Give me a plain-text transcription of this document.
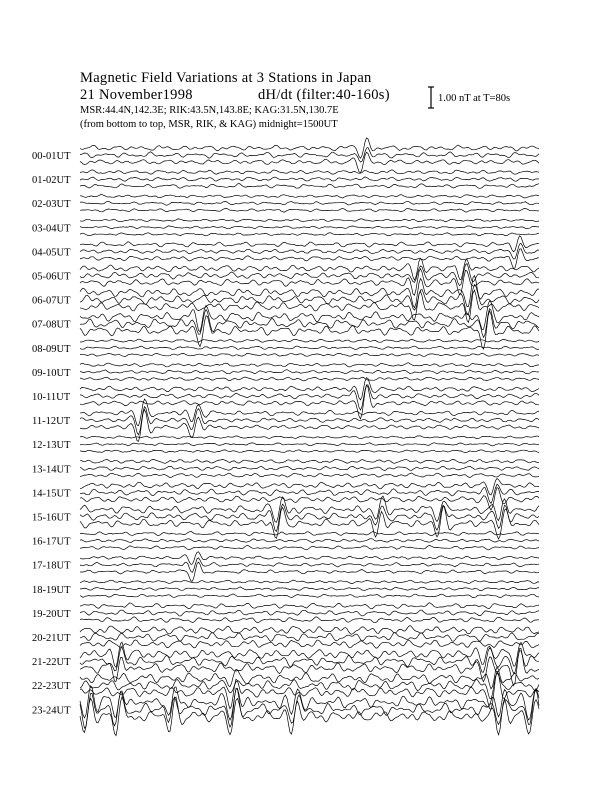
Magnetic Field Variations at 3 Stations in Japan
21 November1998	dH/dt (filter:40-160s)
MSR:44.4N,142.3E; RIK:43.5N,143.8E; KAG:31.5N,130.7E
(from bottom to top, MSR, RIK, & KAG) midnight=1500UT
1.00 nT at T=80s
00-01UT
01-02UT
02-03UT
03-04UT
04-05UT
05-06UT
06-07UT
07-08UT
08-09UT
09-10UT
10-11UT
11-12UT
12-13UT
13-14UT
14-15UT
15-16UT
16-17UT
17-18UT
18-19UT
19-20UT
20-21UT
21-22UT
22-23UT
23-24UT
